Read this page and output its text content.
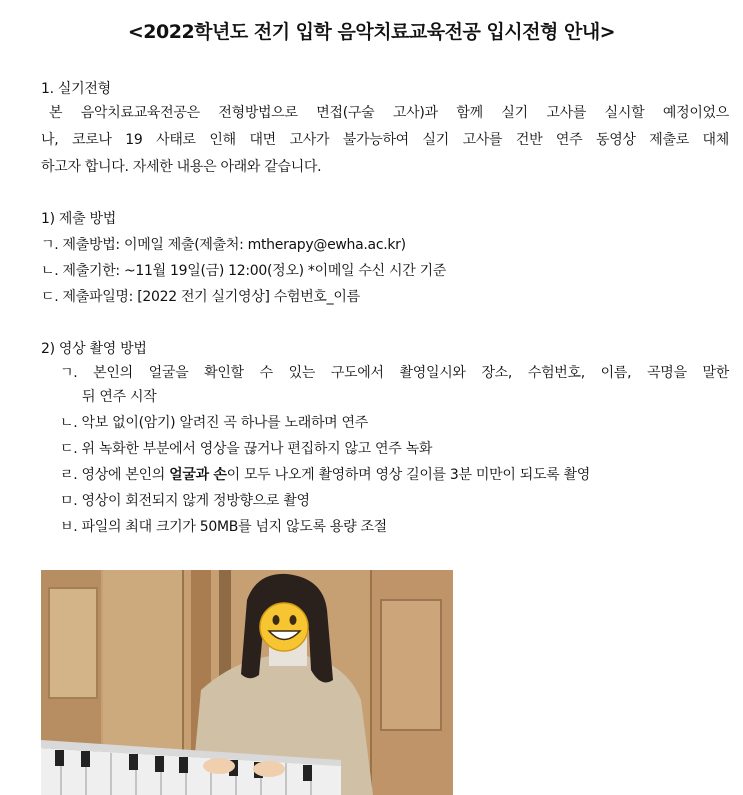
<2022학년도 전기 입학 음악치료교육전공 입시전형 안내>
1. 실기전형
본 음악치료교육전공은 전형방법으로 면접(구술 고사)과 함께 실기 고사를 실시할 예정이었으
나, 코로나 19 사태로 인해 대면 고사가 불가능하여 실기 고사를 건반 연주 동영상 제출로 대체
하고자 합니다. 자세한 내용은 아래와 같습니다.
1) 제출 방법
ㄱ. 제출방법: 이메일 제출(제출처: mtherapy@ewha.ac.kr)
ㄴ. 제출기한: ~11월 19일(금) 12:00(정오) *이메일 수신 시간 기준
ㄷ. 제출파일명: [2022 전기 실기영상] 수험번호_이름
2) 영상 촬영 방법
ㄱ. 본인의 얼굴을 확인할 수 있는 구도에서 촬영일시와 장소, 수험번호, 이름, 곡명을 말한
뒤 연주 시작
ㄴ. 악보 없이(암기) 알려진 곡 하나를 노래하며 연주
ㄷ. 위 녹화한 부분에서 영상을 끊거나 편집하지 않고 연주 녹화
ㄹ. 영상에 본인의 얼굴과 손이 모두 나오게 촬영하며 영상 길이를 3분 미만이 되도록 촬영
ㅁ. 영상이 회전되지 않게 정방향으로 촬영
ㅂ. 파일의 최대 크기가 50MB를 넘지 않도록 용량 조절
